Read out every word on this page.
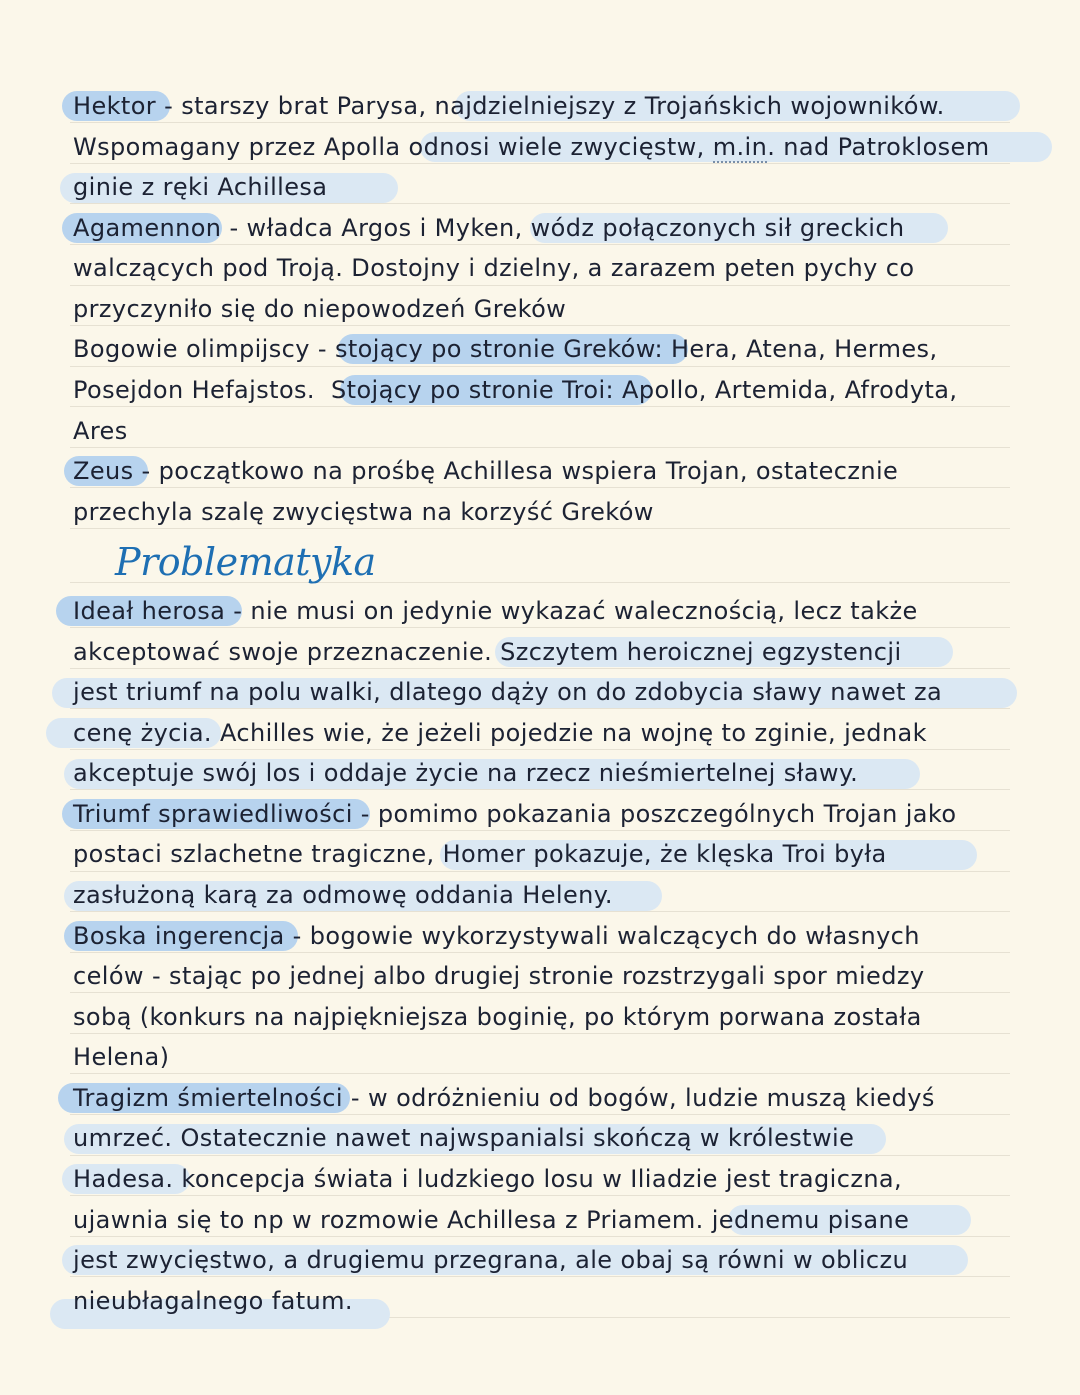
Hektor - starszy brat Parysa, najdzielniejszy z Trojańskich wojowników.
Wspomagany przez Apolla odnosi wiele zwycięstw, m.in. nad Patroklosem
ginie z ręki Achillesa
Agamennon - władca Argos i Myken, wódz połączonych sił greckich
walczących pod Troją. Dostojny i dzielny, a zarazem peten pychy co
przyczyniło się do niepowodzeń Greków
Bogowie olimpijscy - stojący po stronie Greków: Hera, Atena, Hermes,
Posejdon Hefajstos.  Stojący po stronie Troi: Apollo, Artemida, Afrodyta,
Ares
Zeus - początkowo na prośbę Achillesa wspiera Trojan, ostatecznie
przechyla szalę zwycięstwa na korzyść Greków
Problematyka
Ideał herosa - nie musi on jedynie wykazać walecznością, lecz także
akceptować swoje przeznaczenie. Szczytem heroicznej egzystencji
jest triumf na polu walki, dlatego dąży on do zdobycia sławy nawet za
cenę życia. Achilles wie, że jeżeli pojedzie na wojnę to zginie, jednak
akceptuje swój los i oddaje życie na rzecz nieśmiertelnej sławy.
Triumf sprawiedliwości - pomimo pokazania poszczególnych Trojan jako
postaci szlachetne tragiczne, Homer pokazuje, że klęska Troi była
zasłużoną karą za odmowę oddania Heleny.
Boska ingerencja - bogowie wykorzystywali walczących do własnych
celów - stając po jednej albo drugiej stronie rozstrzygali spor miedzy
sobą (konkurs na najpiękniejsza boginię, po którym porwana została
Helena)
Tragizm śmiertelności - w odróżnieniu od bogów, ludzie muszą kiedyś
umrzeć. Ostatecznie nawet najwspanialsi skończą w królestwie
Hadesa. koncepcja świata i ludzkiego losu w Iliadzie jest tragiczna,
ujawnia się to np w rozmowie Achillesa z Priamem. jednemu pisane
jest zwycięstwo, a drugiemu przegrana, ale obaj są równi w obliczu
nieubłagalnego fatum.
